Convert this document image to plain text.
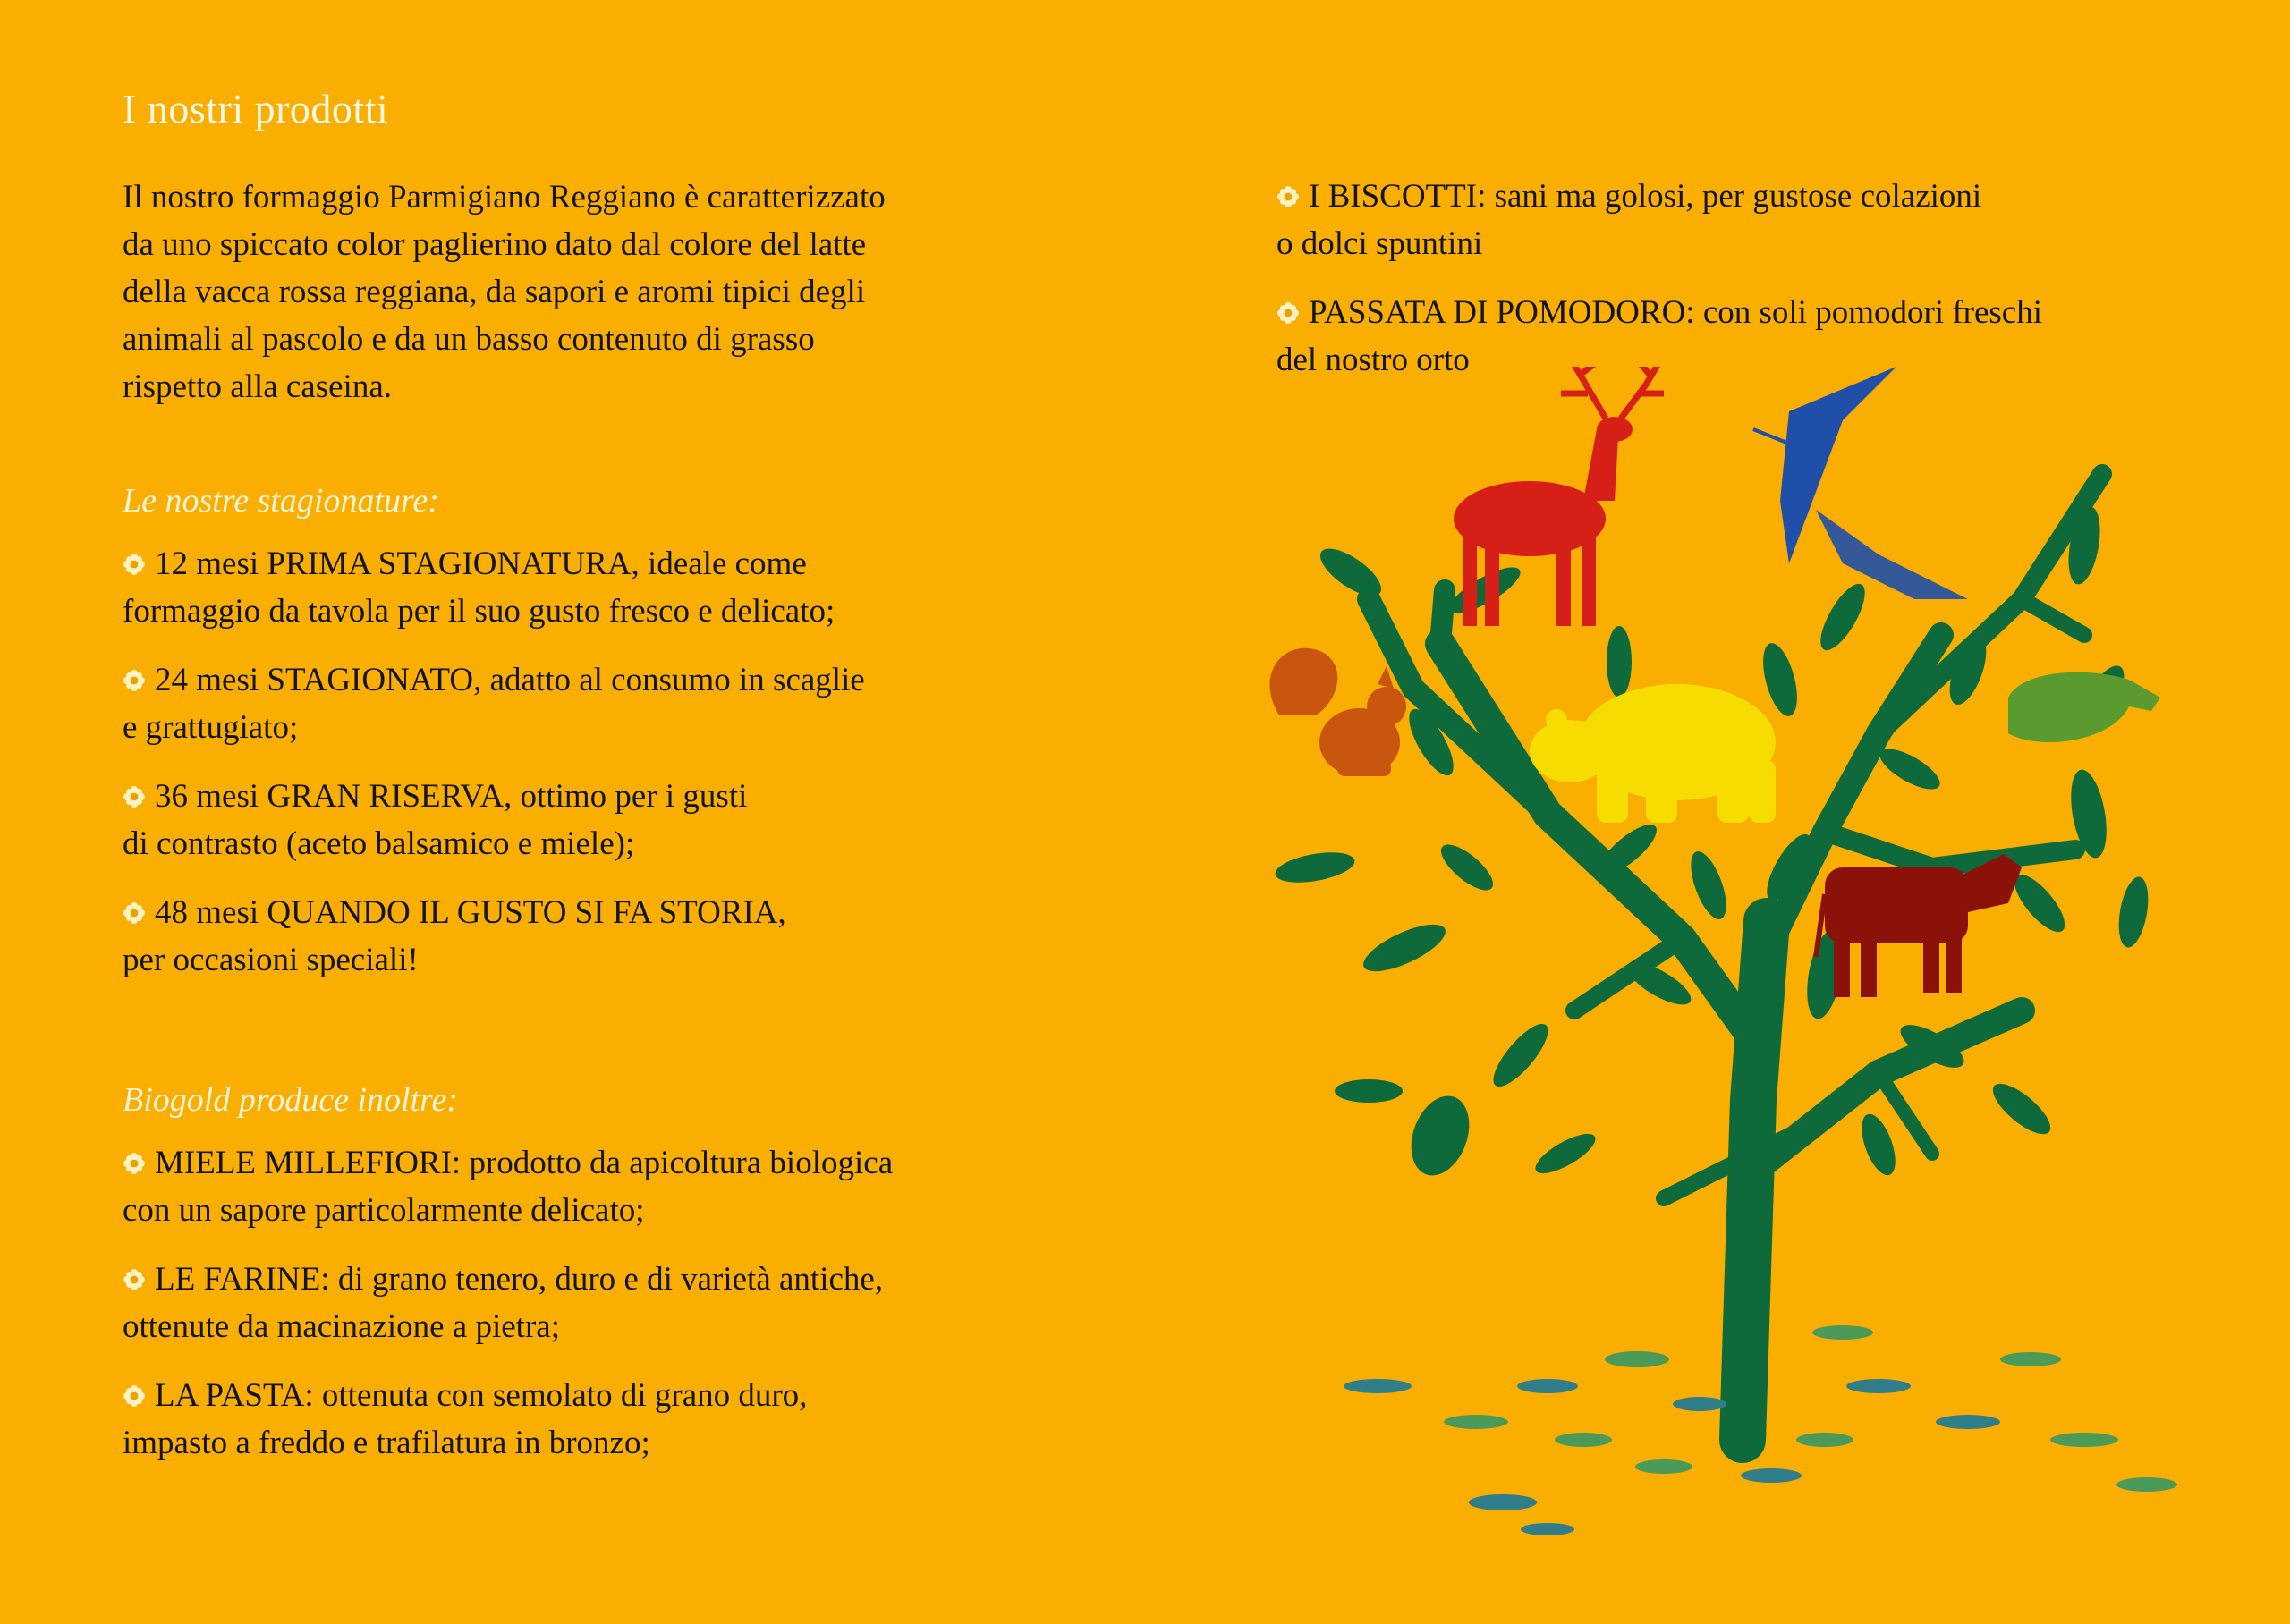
I nostri prodotti

Il nostro formaggio Parmigiano Reggiano è caratterizzato
da uno spiccato color paglierino dato dal colore del latte
della vacca rossa reggiana, da sapori e aromi tipici degli
animali al pascolo e da un basso contenuto di grasso
rispetto alla caseina.

Le nostre stagionature:

12 mesi PRIMA STAGIONATURA, ideale come
formaggio da tavola per il suo gusto fresco e delicato;
24 mesi STAGIONATO, adatto al consumo in scaglie
e grattugiato;
36 mesi GRAN RISERVA, ottimo per i gusti
di contrasto (aceto balsamico e miele);
48 mesi QUANDO IL GUSTO SI FA STORIA,
per occasioni speciali!

Biogold produce inoltre:

MIELE MILLEFIORI: prodotto da apicoltura biologica
con un sapore particolarmente delicato;
LE FARINE: di grano tenero, duro e di varietà antiche,
ottenute da macinazione a pietra;
LA PASTA: ottenuta con semolato di grano duro,
impasto a freddo e trafilatura in bronzo;
I BISCOTTI: sani ma golosi, per gustose colazioni
o dolci spuntini
PASSATA DI POMODORO: con soli pomodori freschi
del nostro orto
